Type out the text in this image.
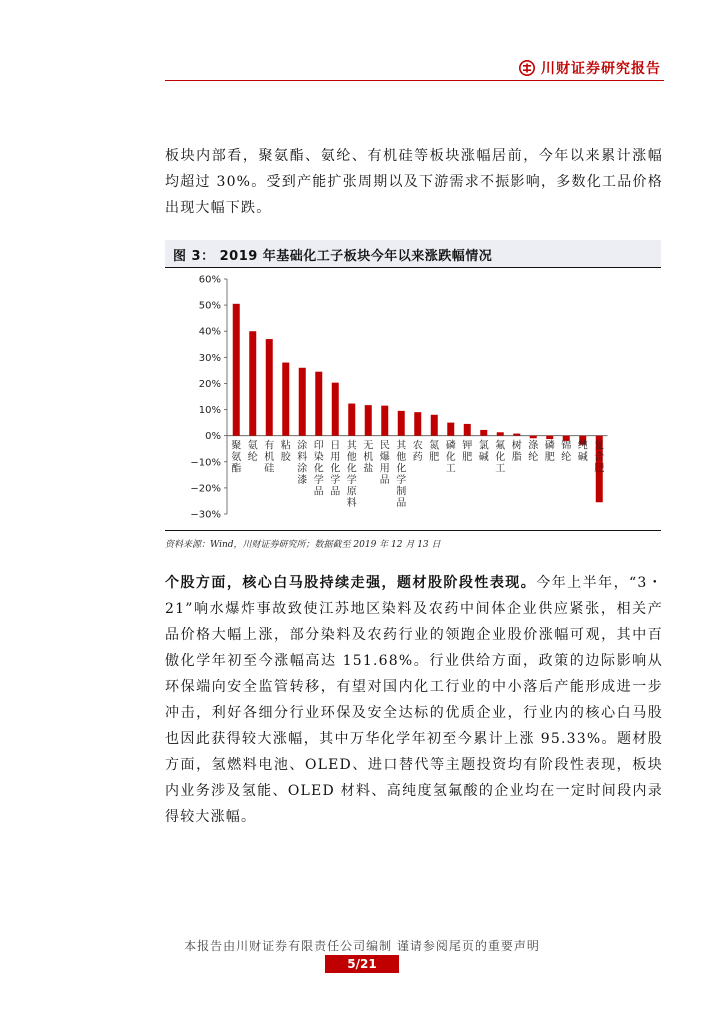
川财证券研究报告
板块内部看，聚氨酯、氨纶、有机硅等板块涨幅居前，今年以来累计涨幅均超过 30%。受到产能扩张周期以及下游需求不振影响，多数化工品价格出现大幅下跌。
图 3： 2019 年基础化工子板块今年以来涨跌幅情况
60%
50%
40%
30%
20%
10%
0%
−10%
−20%
−30%
聚氨酯
氨纶
有机硅
粘胶
涂料涂漆
印染化学品
日用化学品
其他化学原料
无机盐
民爆用品
其他化学制品
农药
氮肥
磷化工
钾肥
氯碱
氟化工
树脂
涤纶
磷肥
锦纶
纯碱
复合肥
资料来源：Wind，川财证券研究所；数据截至 2019 年 12 月 13 日
个股方面，核心白马股持续走强，题材股阶段性表现。今年上半年，“3・21”响水爆炸事故致使江苏地区染料及农药中间体企业供应紧张，相关产品价格大幅上涨，部分染料及农药行业的领跑企业股价涨幅可观，其中百傲化学年初至今涨幅高达 151.68%。行业供给方面，政策的边际影响从环保端向安全监管转移，有望对国内化工行业的中小落后产能形成进一步冲击，利好各细分行业环保及安全达标的优质企业，行业内的核心白马股也因此获得较大涨幅，其中万华化学年初至今累计上涨 95.33%。题材股方面，氢燃料电池、OLED、进口替代等主题投资均有阶段性表现，板块内业务涉及氢能、OLED 材料、高纯度氢氟酸的企业均在一定时间段内录得较大涨幅。
本报告由川财证券有限责任公司编制 谨请参阅尾页的重要声明
5/21
